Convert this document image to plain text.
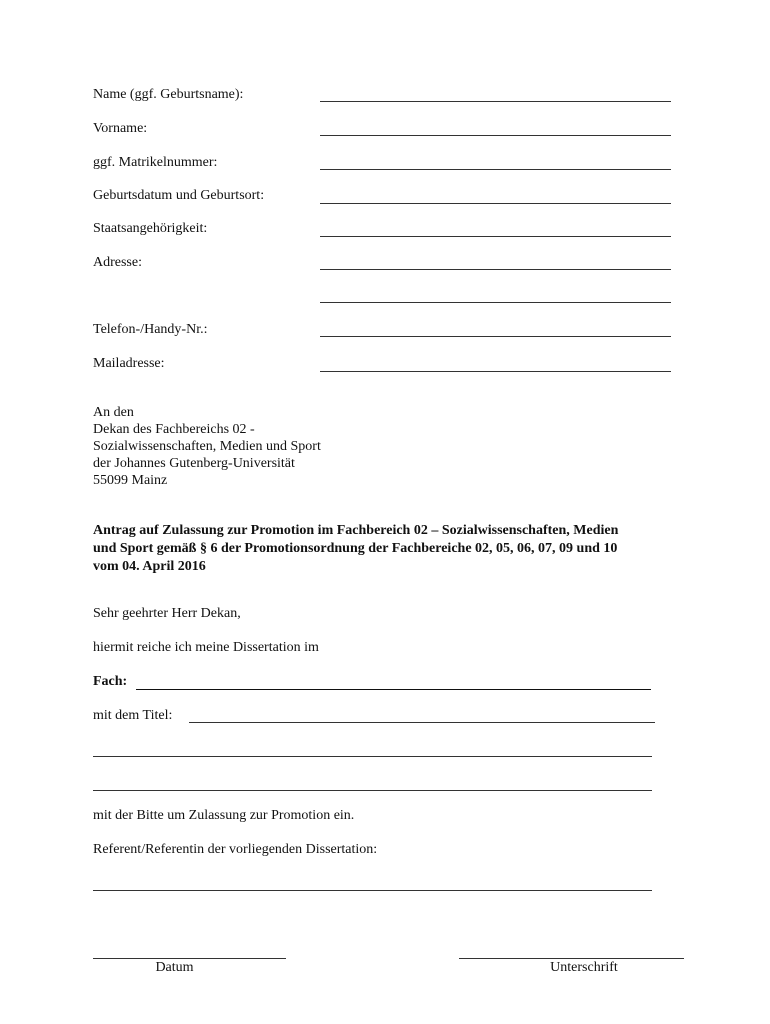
Name (ggf. Geburtsname):
Vorname:
ggf. Matrikelnummer:
Geburtsdatum und Geburtsort:
Staatsangehörigkeit:
Adresse:
Telefon-/Handy-Nr.:
Mailadresse:
An den
Dekan des Fachbereichs 02 -
Sozialwissenschaften, Medien und Sport
der Johannes Gutenberg-Universität
55099 Mainz
Antrag auf Zulassung zur Promotion im Fachbereich 02 – Sozialwissenschaften, Medien
und Sport gemäß § 6 der Promotionsordnung der Fachbereiche 02, 05, 06, 07, 09 und 10
vom 04. April 2016
Sehr geehrter Herr Dekan,
hiermit reiche ich meine Dissertation im
Fach:
mit dem Titel:
mit der Bitte um Zulassung zur Promotion ein.
Referent/Referentin der vorliegenden Dissertation:
Datum	Unterschrift
